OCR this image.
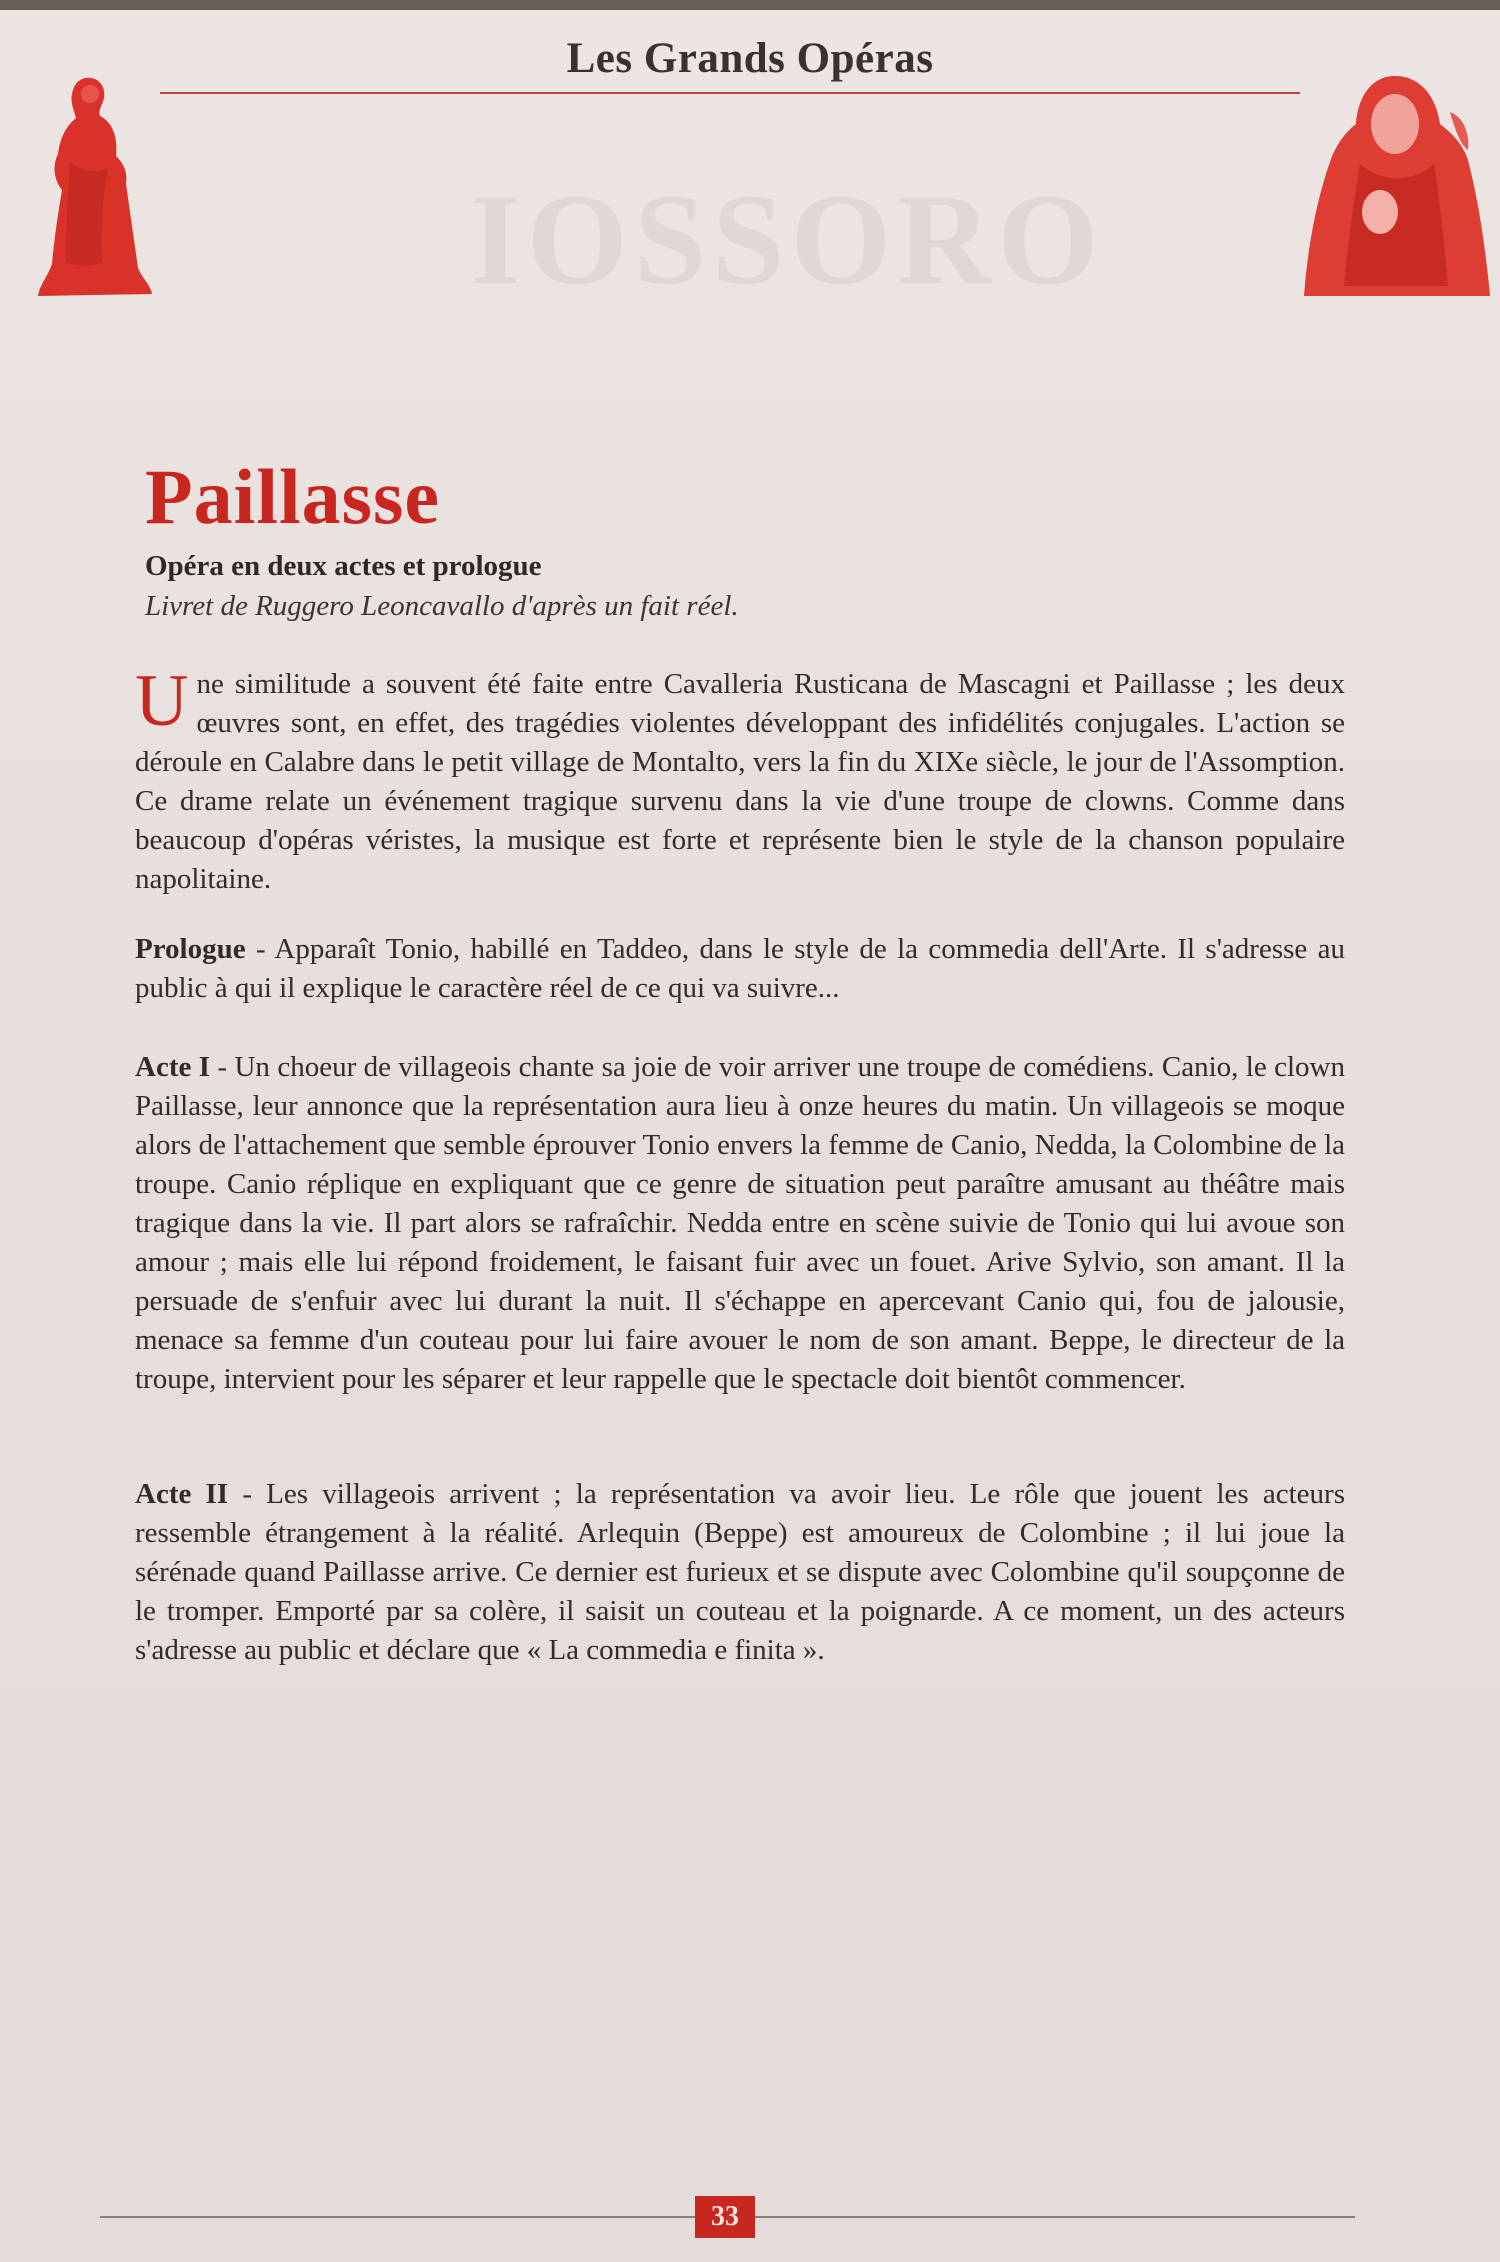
Les Grands Opéras
IOSSORO
Paillasse
Opéra en deux actes et prologue
Livret de Ruggero Leoncavallo d'après un fait réel.

Une similitude a souvent été faite entre Cavalleria Rusticana de Mascagni et Paillasse ; les deux œuvres sont, en effet, des tragédies violentes développant des infidélités conjugales. L'action se déroule en Calabre dans le petit village de Montalto, vers la fin du XIXe siècle, le jour de l'Assomption. Ce drame relate un événement tragique survenu dans la vie d'une troupe de clowns. Comme dans beaucoup d'opéras véristes, la musique est forte et représente bien le style de la chanson populaire napolitaine.

Prologue - Apparaît Tonio, habillé en Taddeo, dans le style de la commedia dell'Arte. Il s'adresse au public à qui il explique le caractère réel de ce qui va suivre...

Acte I - Un choeur de villageois chante sa joie de voir arriver une troupe de comédiens. Canio, le clown Paillasse, leur annonce que la représentation aura lieu à onze heures du matin. Un villageois se moque alors de l'attachement que semble éprouver Tonio envers la femme de Canio, Nedda, la Colombine de la troupe. Canio réplique en expliquant que ce genre de situation peut paraître amusant au théâtre mais tragique dans la vie. Il part alors se rafraîchir. Nedda entre en scène suivie de Tonio qui lui avoue son amour ; mais elle lui répond froidement, le faisant fuir avec un fouet. Arive Sylvio, son amant. Il la persuade de s'enfuir avec lui durant la nuit. Il s'échappe en apercevant Canio qui, fou de jalousie, menace sa femme d'un couteau pour lui faire avouer le nom de son amant. Beppe, le directeur de la troupe, intervient pour les séparer et leur rappelle que le spectacle doit bientôt commencer.

Acte II - Les villageois arrivent ; la représentation va avoir lieu. Le rôle que jouent les acteurs ressemble étrangement à la réalité. Arlequin (Beppe) est amoureux de Colombine ; il lui joue la sérénade quand Paillasse arrive. Ce dernier est furieux et se dispute avec Colombine qu'il soupçonne de le tromper. Emporté par sa colère, il saisit un couteau et la poignarde. A ce moment, un des acteurs s'adresse au public et déclare que « La commedia e finita ».

33
